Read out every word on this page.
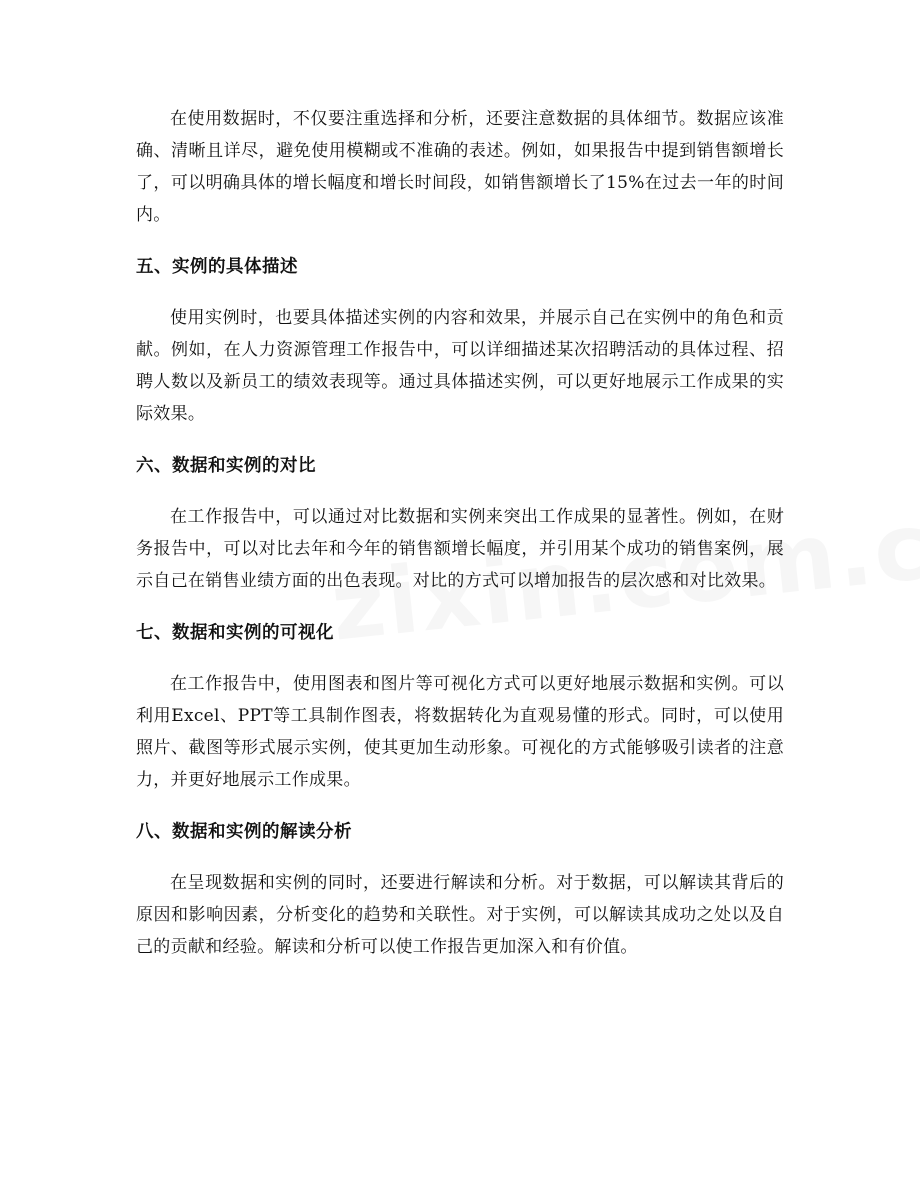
在使用数据时，不仅要注重选择和分析，还要注意数据的具体细节。数据应该准确、清晰且详尽，避免使用模糊或不准确的表述。例如，如果报告中提到销售额增长了，可以明确具体的增长幅度和增长时间段，如销售额增长了15%在过去一年的时间内。

五、实例的具体描述

使用实例时，也要具体描述实例的内容和效果，并展示自己在实例中的角色和贡献。例如，在人力资源管理工作报告中，可以详细描述某次招聘活动的具体过程、招聘人数以及新员工的绩效表现等。通过具体描述实例，可以更好地展示工作成果的实际效果。

六、数据和实例的对比

在工作报告中，可以通过对比数据和实例来突出工作成果的显著性。例如，在财务报告中，可以对比去年和今年的销售额增长幅度，并引用某个成功的销售案例，展示自己在销售业绩方面的出色表现。对比的方式可以增加报告的层次感和对比效果。

七、数据和实例的可视化

在工作报告中，使用图表和图片等可视化方式可以更好地展示数据和实例。可以利用Excel、PPT等工具制作图表，将数据转化为直观易懂的形式。同时，可以使用照片、截图等形式展示实例，使其更加生动形象。可视化的方式能够吸引读者的注意力，并更好地展示工作成果。

八、数据和实例的解读分析

在呈现数据和实例的同时，还要进行解读和分析。对于数据，可以解读其背后的原因和影响因素，分析变化的趋势和关联性。对于实例，可以解读其成功之处以及自己的贡献和经验。解读和分析可以使工作报告更加深入和有价值。
